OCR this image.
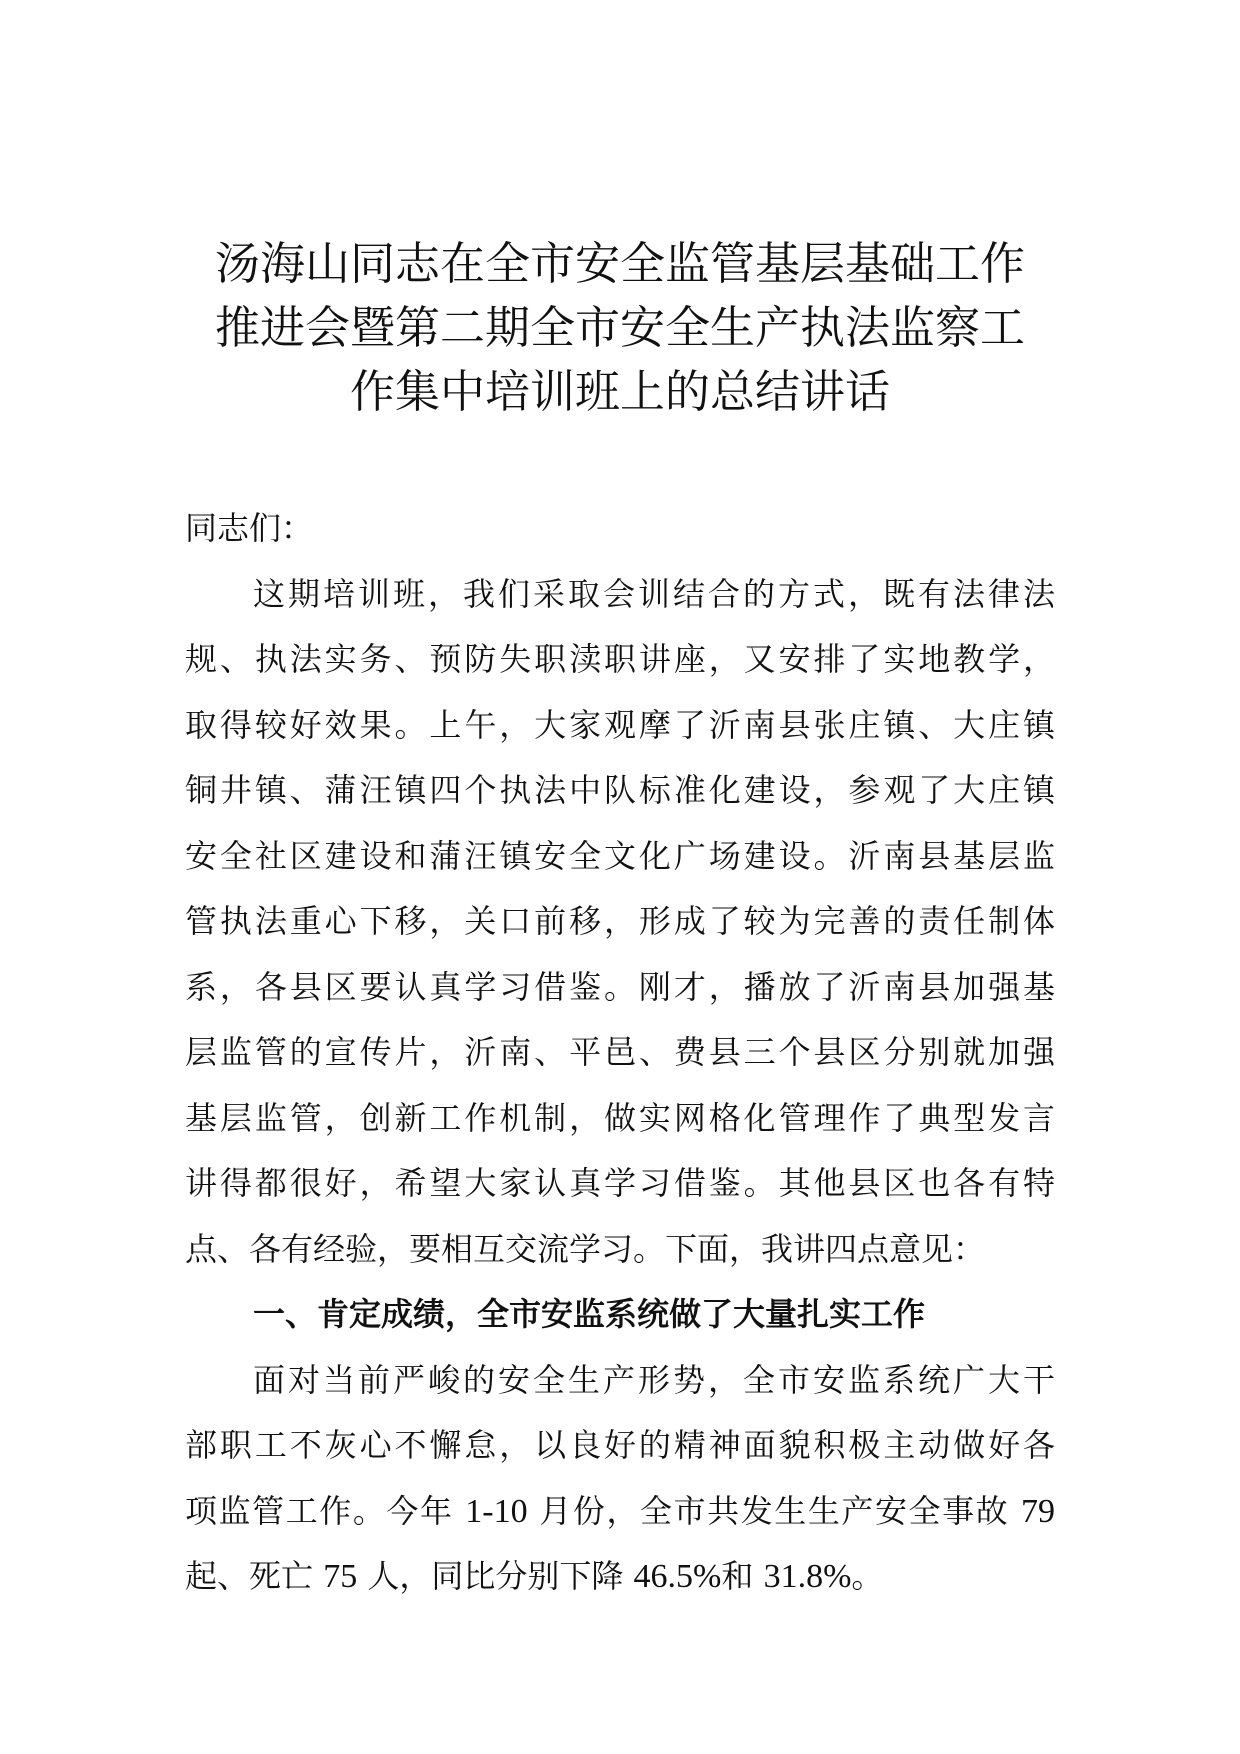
汤海山同志在全市安全监管基层基础工作
推进会暨第二期全市安全生产执法监察工
作集中培训班上的总结讲话
同志们：
这期培训班，我们采取会训结合的方式，既有法律法
规、执法实务、预防失职渎职讲座，又安排了实地教学，
取得较好效果。上午，大家观摩了沂南县张庄镇、大庄镇
铜井镇、蒲汪镇四个执法中队标准化建设，参观了大庄镇
安全社区建设和蒲汪镇安全文化广场建设。沂南县基层监
管执法重心下移，关口前移，形成了较为完善的责任制体
系，各县区要认真学习借鉴。刚才，播放了沂南县加强基
层监管的宣传片，沂南、平邑、费县三个县区分别就加强
基层监管，创新工作机制，做实网格化管理作了典型发言
讲得都很好，希望大家认真学习借鉴。其他县区也各有特
点、各有经验，要相互交流学习。下面，我讲四点意见：
一、肯定成绩，全市安监系统做了大量扎实工作
面对当前严峻的安全生产形势，全市安监系统广大干
部职工不灰心不懈怠，以良好的精神面貌积极主动做好各
项监管工作。今年 1-10 月份，全市共发生生产安全事故 79
起、死亡 75 人，同比分别下降 46.5%和 31.8%。
